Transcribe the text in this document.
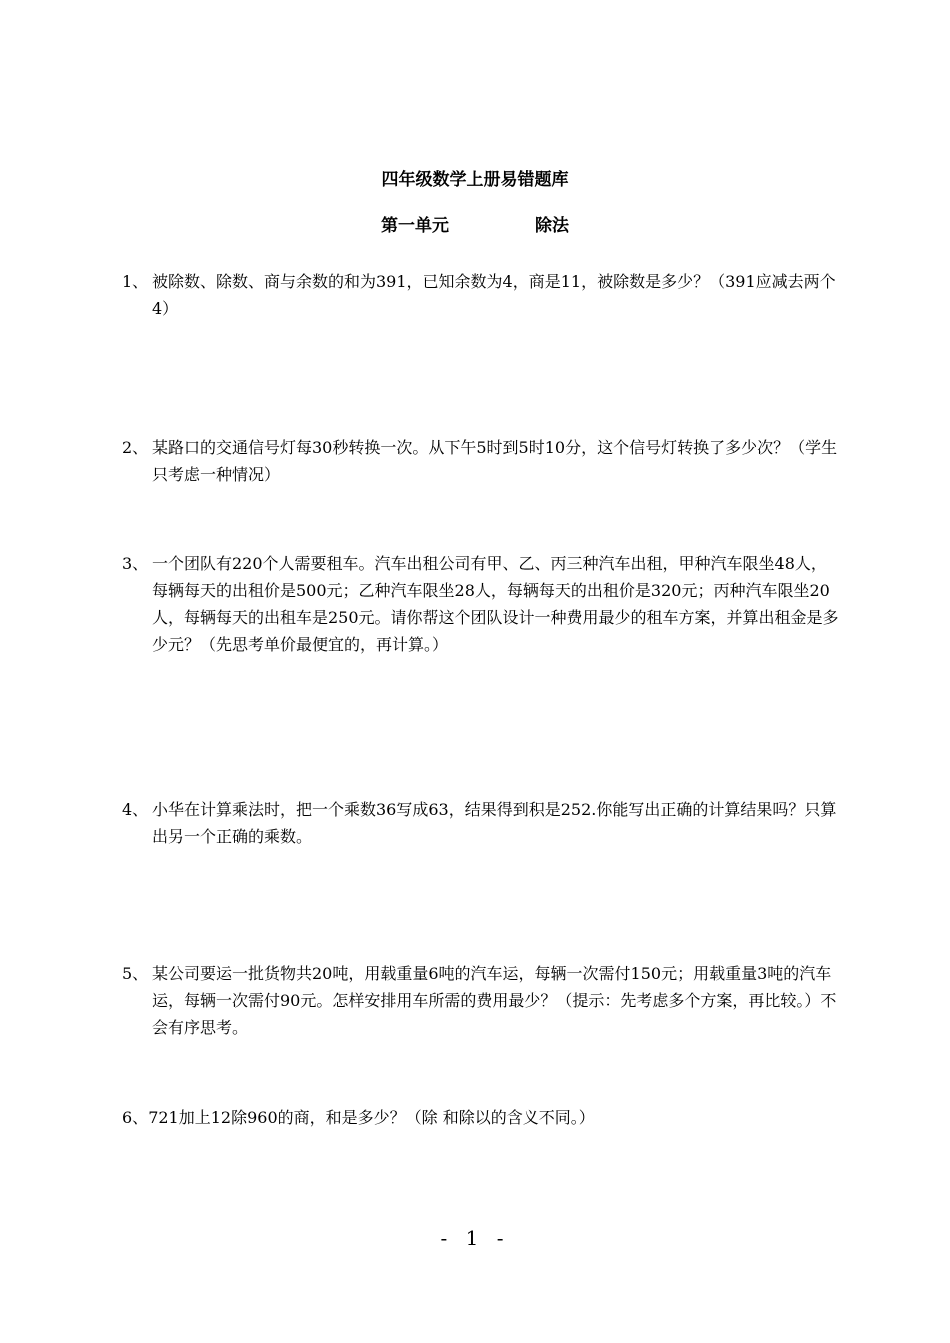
四年级数学上册易错题库
第一单元	除法
1、 被除数、除数、商与余数的和为391，已知余数为4，商是11，被除数是多少？（391应减去两个4）
2、 某路口的交通信号灯每30秒转换一次。从下午5时到5时10分，这个信号灯转换了多少次？（学生只考虑一种情况）
3、 一个团队有220个人需要租车。汽车出租公司有甲、乙、丙三种汽车出租，甲种汽车限坐48人，每辆每天的出租价是500元；乙种汽车限坐28人，每辆每天的出租价是320元；丙种汽车限坐20人，每辆每天的出租车是250元。请你帮这个团队设计一种费用最少的租车方案，并算出租金是多少元？（先思考单价最便宜的，再计算。）
4、 小华在计算乘法时，把一个乘数36写成63，结果得到积是252.你能写出正确的计算结果吗？只算出另一个正确的乘数。
5、 某公司要运一批货物共20吨，用载重量6吨的汽车运，每辆一次需付150元；用载重量3吨的汽车运，每辆一次需付90元。怎样安排用车所需的费用最少？（提示：先考虑多个方案，再比较。）不会有序思考。
6、721加上12除960的商，和是多少？（除 和除以的含义不同。）
- 1 -
